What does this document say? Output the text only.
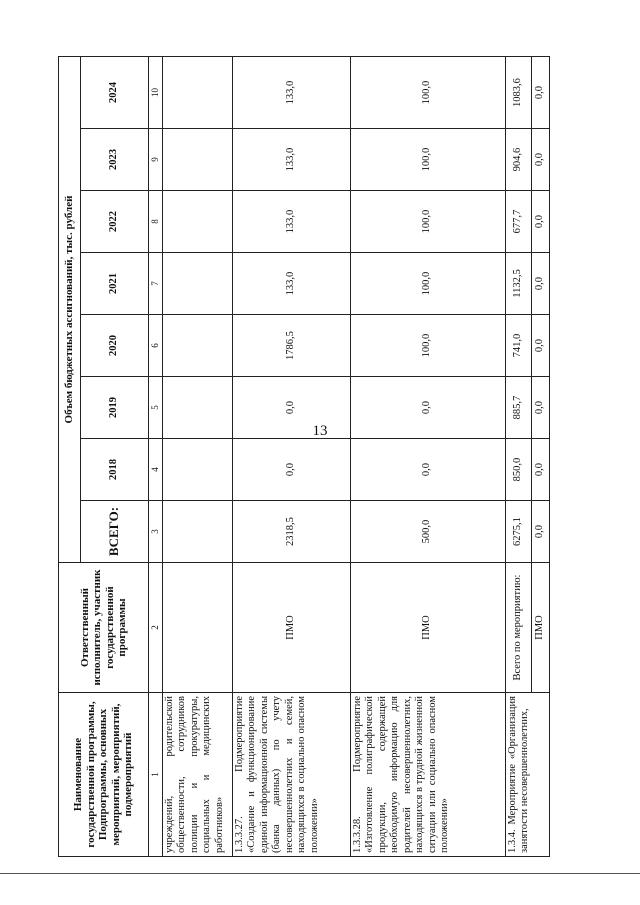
13
Наименование государственной программы, Подпрограммы, основных мероприятий, мероприятий, подмероприятий	Ответственный исполнитель, участник государственной программы	Объем бюджетных ассигнований, тыс. рублей							
		ВСЕГО:	2018	2019	2020	2021	2022	2023	2024
1	2	3	4	5	6	7	8	9	10
учреждений, родительской общественности, сотрудников полиции и прокуратуры, социальных и медицинских работников»									
1.3.3.27. Подмероприятие «Создание и функционирование единой информационной системы (банка данных) по учету несовершеннолетних и семей, находящихся в социально опасном положении»	ПМО	2318,5	0,0	0,0	1786,5	133,0	133,0	133,0	133,0
1.3.3.28. Подмероприятие «Изготовление полиграфической продукции, содержащей необходимую информацию для родителей несовершеннолетних, находящихся в трудной жизненной ситуации или социально опасном положении»	ПМО	500,0	0,0	0,0	100,0	100,0	100,0	100,0	100,0
1.3.4. Мероприятие «Организация занятости несовершеннолетних,	Всего по мероприятию:	6275,1	850,0	885,7	741,0	1132,5	677,7	904,6	1083,6
	ПМО	0,0	0,0	0,0	0,0	0,0	0,0	0,0	0,0
